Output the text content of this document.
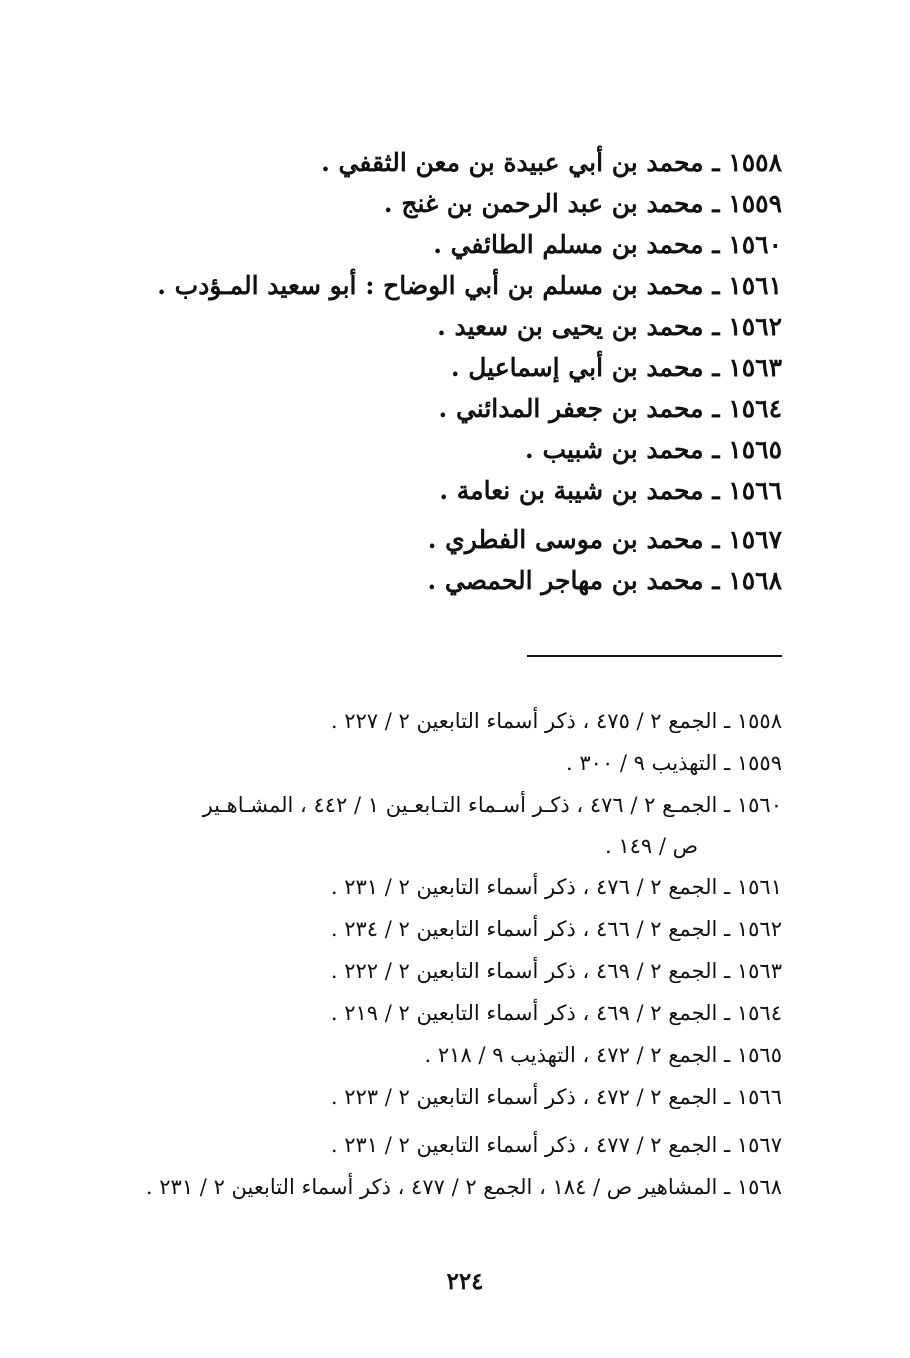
١٥٥٨ ـ محمد بن أبي عبيدة بن معن الثقفي .
١٥٥٩ ـ محمد بن عبد الرحمن بن غنج .
١٥٦٠ ـ محمد بن مسلم الطائفي .
١٥٦١ ـ محمد بن مسلم بن أبي الوضاح : أبو سعيد المـؤدب .
١٥٦٢ ـ محمد بن يحيى بن سعيد .
١٥٦٣ ـ محمد بن أبي إسماعيل .
١٥٦٤ ـ محمد بن جعفر المدائني .
١٥٦٥ ـ محمد بن شبيب .
١٥٦٦ ـ محمد بن شيبة بن نعامة .
١٥٦٧ ـ محمد بن موسى الفطري .
١٥٦٨ ـ محمد بن مهاجر الحمصي .
١٥٥٨ ـ الجمع ٢ / ٤٧٥ ، ذكر أسماء التابعين ٢ / ٢٢٧ .
١٥٥٩ ـ التهذيب ٩ / ٣٠٠ .
١٥٦٠ ـ الجمـع ٢ / ٤٧٦ ، ذكـر أسـماء التـابعـين ١ / ٤٤٢ ، المشـاهـير
ص / ١٤٩ .
١٥٦١ ـ الجمع ٢ / ٤٧٦ ، ذكر أسماء التابعين ٢ / ٢٣١ .
١٥٦٢ ـ الجمع ٢ / ٤٦٦ ، ذكر أسماء التابعين ٢ / ٢٣٤ .
١٥٦٣ ـ الجمع ٢ / ٤٦٩ ، ذكر أسماء التابعين ٢ / ٢٢٢ .
١٥٦٤ ـ الجمع ٢ / ٤٦٩ ، ذكر أسماء التابعين ٢ / ٢١٩ .
١٥٦٥ ـ الجمع ٢ / ٤٧٢ ، التهذيب ٩ / ٢١٨ .
١٥٦٦ ـ الجمع ٢ / ٤٧٢ ، ذكر أسماء التابعين ٢ / ٢٢٣ .
١٥٦٧ ـ الجمع ٢ / ٤٧٧ ، ذكر أسماء التابعين ٢ / ٢٣١ .
١٥٦٨ ـ المشاهير ص / ١٨٤ ، الجمع ٢ / ٤٧٧ ، ذكر أسماء التابعين ٢ / ٢٣١ .
٢٢٤
